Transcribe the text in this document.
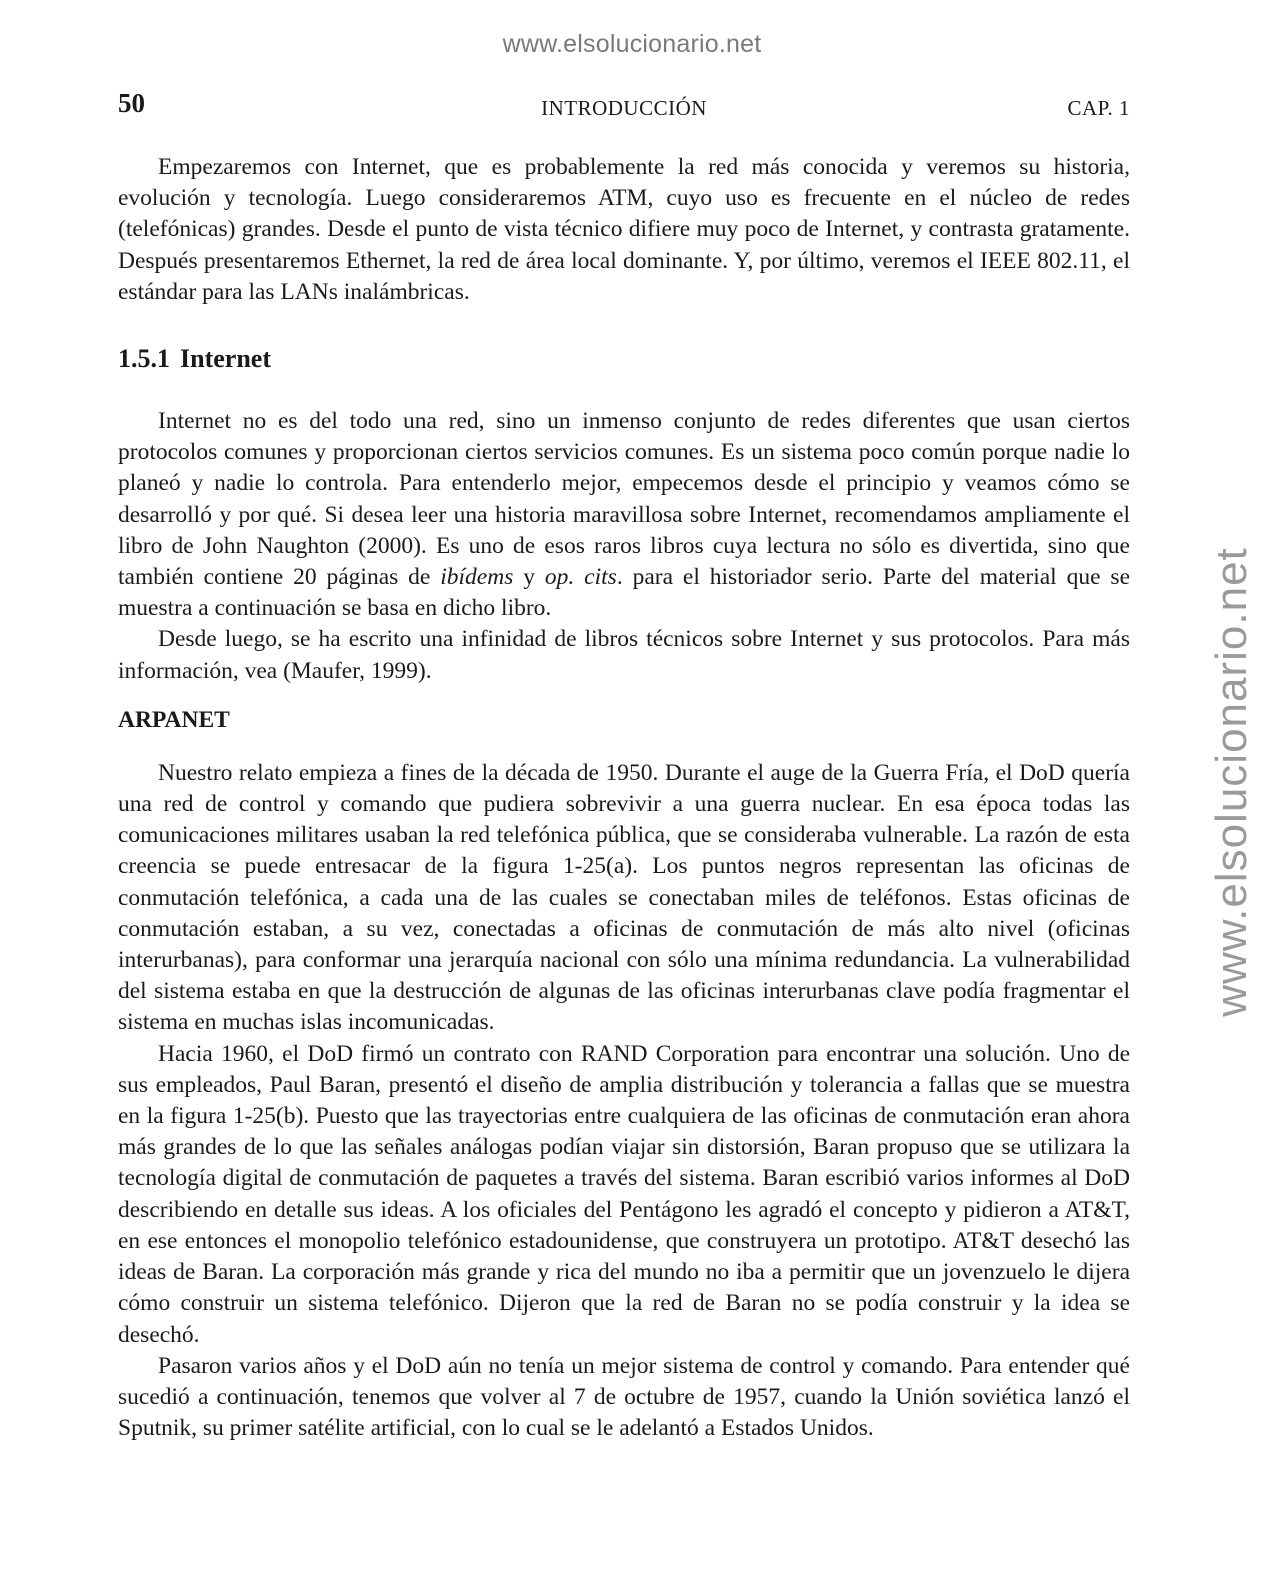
www.elsolucionario.net
www.elsolucionario.net
50	INTRODUCCIÓN	CAP. 1

Empezaremos con Internet, que es probablemente la red más conocida y veremos su historia, evolución y tecnología. Luego consideraremos ATM, cuyo uso es frecuente en el núcleo de redes (telefónicas) grandes. Desde el punto de vista técnico difiere muy poco de Internet, y contrasta gratamente. Después presentaremos Ethernet, la red de área local dominante. Y, por último, veremos el IEEE 802.11, el estándar para las LANs inalámbricas.

1.5.1 Internet

Internet no es del todo una red, sino un inmenso conjunto de redes diferentes que usan ciertos protocolos comunes y proporcionan ciertos servicios comunes. Es un sistema poco común porque nadie lo planeó y nadie lo controla. Para entenderlo mejor, empecemos desde el principio y veamos cómo se desarrolló y por qué. Si desea leer una historia maravillosa sobre Internet, recomendamos ampliamente el libro de John Naughton (2000). Es uno de esos raros libros cuya lectura no sólo es divertida, sino que también contiene 20 páginas de ibídems y op. cits. para el historiador serio. Parte del material que se muestra a continuación se basa en dicho libro.

Desde luego, se ha escrito una infinidad de libros técnicos sobre Internet y sus protocolos. Para más información, vea (Maufer, 1999).

ARPANET

Nuestro relato empieza a fines de la década de 1950. Durante el auge de la Guerra Fría, el DoD quería una red de control y comando que pudiera sobrevivir a una guerra nuclear. En esa época todas las comunicaciones militares usaban la red telefónica pública, que se consideraba vulnerable. La razón de esta creencia se puede entresacar de la figura 1-25(a). Los puntos negros representan las oficinas de conmutación telefónica, a cada una de las cuales se conectaban miles de teléfonos. Estas oficinas de conmutación estaban, a su vez, conectadas a oficinas de conmutación de más alto nivel (oficinas interurbanas), para conformar una jerarquía nacional con sólo una mínima redundancia. La vulnerabilidad del sistema estaba en que la destrucción de algunas de las oficinas interurbanas clave podía fragmentar el sistema en muchas islas incomunicadas.

Hacia 1960, el DoD firmó un contrato con RAND Corporation para encontrar una solución. Uno de sus empleados, Paul Baran, presentó el diseño de amplia distribución y tolerancia a fallas que se muestra en la figura 1-25(b). Puesto que las trayectorias entre cualquiera de las oficinas de conmutación eran ahora más grandes de lo que las señales análogas podían viajar sin distorsión, Baran propuso que se utilizara la tecnología digital de conmutación de paquetes a través del sistema. Baran escribió varios informes al DoD describiendo en detalle sus ideas. A los oficiales del Pentágono les agradó el concepto y pidieron a AT&T, en ese entonces el monopolio telefónico estadounidense, que construyera un prototipo. AT&T desechó las ideas de Baran. La corporación más grande y rica del mundo no iba a permitir que un jovenzuelo le dijera cómo construir un sistema telefónico. Dijeron que la red de Baran no se podía construir y la idea se desechó.

Pasaron varios años y el DoD aún no tenía un mejor sistema de control y comando. Para entender qué sucedió a continuación, tenemos que volver al 7 de octubre de 1957, cuando la Unión soviética lanzó el Sputnik, su primer satélite artificial, con lo cual se le adelantó a Estados Unidos.
